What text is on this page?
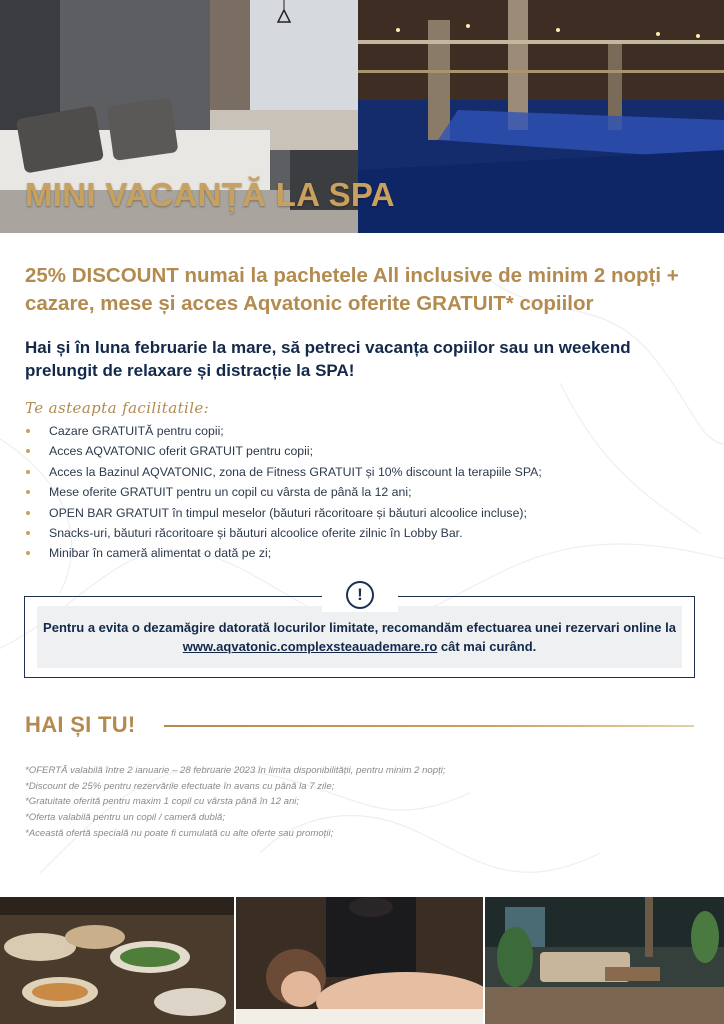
MINI VACANȚĂ LA SPA
25% DISCOUNT numai la pachetele All inclusive de minim 2 nopți + cazare, mese și acces Aqvatonic oferite GRATUIT* copiilor
Hai și în luna februarie la mare, să petreci vacanța copiilor sau un weekend prelungit de relaxare și distracție la SPA!
Te asteapta facilitatile:
Cazare GRATUITĂ pentru copii;
Acces AQVATONIC oferit GRATUIT pentru copii;
Acces la Bazinul AQVATONIC, zona de Fitness GRATUIT și 10% discount la terapiile SPA;
Mese oferite GRATUIT pentru un copil cu vârsta de până la 12 ani;
OPEN BAR GRATUIT în timpul meselor (băuturi răcoritoare și băuturi alcoolice incluse);
Snacks-uri, băuturi răcoritoare și băuturi alcoolice oferite zilnic în Lobby Bar.
Minibar în cameră alimentat o dată pe zi;

Pentru a evita o dezamăgire datorată locurilor limitate, recomandăm efectuarea unei rezervari online la www.aqvatonic.complexsteauademare.ro cât mai curând.

!
HAI ȘI TU!
*OFERTĂ valabilă între 2 ianuarie – 28 februarie 2023 în limita disponibilității, pentru minim 2 nopți;
*Discount de 25% pentru rezervările efectuate în avans cu până la 7 zile;
*Gratuitate oferită pentru maxim 1 copil cu vârsta până în 12 ani;
*Oferta valabilă pentru un copil / cameră dublă;
*Această ofertă specială nu poate fi cumulată cu alte oferte sau promoții;
